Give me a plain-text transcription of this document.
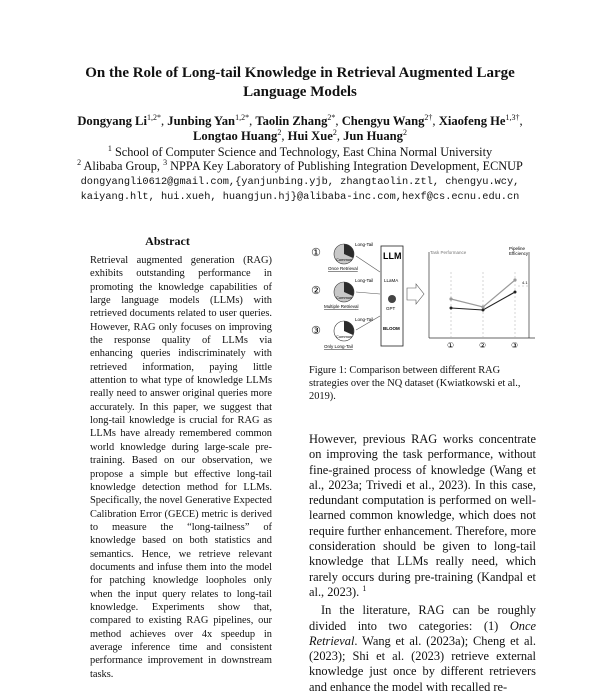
On the Role of Long-tail Knowledge in Retrieval Augmented Large Language Models
Dongyang $Li^{1,2*}$, Junbing Yan$^{1,2*}$, Taolin Zhang$^{2*}$, Chengyu Wang$^{2\dagger}$, Xiaofeng $He^{1,3\dagger}$,
Longtao Huang$^2$, Hui Xue$^2$, Jun Huang$^2$
$^1$ School of Computer Science and Technology, East China Normal University
$^2$ Alibaba Group, $^3$ NPPA Key Laboratory of Publishing Integration Development, ECNUP
dongyangli0612@gmail.com,{yanjunbing.yjb, zhangtaolin.ztl, chengyu.wcy,
kaiyang.hlt, hui.xueh, huangjun.hj}@alibaba-inc.com,hexf@cs.ecnu.edu.cn
Abstract

Retrieval augmented generation (RAG) exhibits outstanding performance in promoting the knowledge capabilities of large language models (LLMs) with retrieved documents related to user queries. However, RAG only focuses on improving the response quality of LLMs via enhancing queries indiscriminately with retrieved information, paying little attention to what type of knowledge LLMs really need to answer original queries more accurately. In this paper, we suggest that long-tail knowledge is crucial for RAG as LLMs have already remembered common world knowledge during large-scale pre-training. Based on our observation, we propose a simple but effective long-tail knowledge detection method for LLMs. Specifically, the novel Generative Expected Calibration Error (GECE) metric is derived to measure the “long-tailness” of knowledge based on both statistics and semantics. Hence, we retrieve relevant documents and infuse them into the model for patching knowledge loopholes only when the input query relates to long-tail knowledge. Experiments show that, compared to existing RAG pipelines, our method achieves over 4x speedup in average inference time and consistent performance improvement in downstream tasks.

①
②
③
Long-Tail
Common
Once Retrieval
Long-Tail
Common
Multiple Retrieval
Long-Tail
Common
Only Long-Tail
LLM
LLaMA
GPT
BLOOM
Task Performance
Pipeline Efficiency
4.1
①	②	③
Figure 1: Comparison between different RAG strategies over the NQ dataset (Kwiatkowski et al., 2019).

However, previous RAG works concentrate on improving the task performance, without fine-grained process of knowledge (Wang et al., 2023a; Trivedi et al., 2023). In this case, redundant computation is performed on well-learned common knowledge, which does not require further enhancement. Therefore, more consideration should be given to long-tail knowledge that LLMs really need, which rarely occurs during pre-training (Kandpal et al., 2023). $^1$

In the literature, RAG can be roughly divided into two categories: (1) Once Retrieval. Wang et al. (2023a); Cheng et al. (2023); Shi et al. (2023) retrieve external knowledge just once by different retrievers and enhance the model with recalled re-
